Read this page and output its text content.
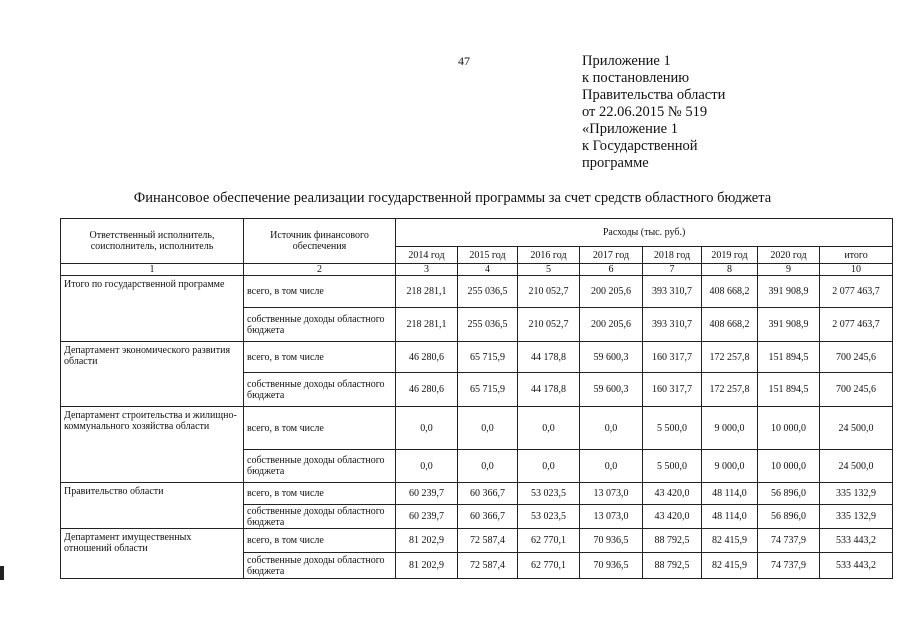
47	Приложение 1
к постановлению
Правительства области
от 22.06.2015 № 519
«Приложение 1
к Государственной
программе
Финансовое обеспечение реализации государственной программы за счет средств областного бюджета
Ответственный исполнитель, соисполнитель, исполнитель	Источник финансового обеспечения	Расходы (тыс. руб.)							
		2014 год	2015 год	2016 год	2017 год	2018 год	2019 год	2020 год	итого
1	2	3	4	5	6	7	8	9	10
Итого по государственной программе	всего, в том числе	218 281,1	255 036,5	210 052,7	200 205,6	393 310,7	408 668,2	391 908,9	2 077 463,7
	собственные доходы областного бюджета	218 281,1	255 036,5	210 052,7	200 205,6	393 310,7	408 668,2	391 908,9	2 077 463,7
Департамент экономического развития области	всего, в том числе	46 280,6	65 715,9	44 178,8	59 600,3	160 317,7	172 257,8	151 894,5	700 245,6
	собственные доходы областного бюджета	46 280,6	65 715,9	44 178,8	59 600,3	160 317,7	172 257,8	151 894,5	700 245,6
Департамент строительства и жилищно-коммунального хозяйства области	всего, в том числе	0,0	0,0	0,0	0,0	5 500,0	9 000,0	10 000,0	24 500,0
	собственные доходы областного бюджета	0,0	0,0	0,0	0,0	5 500,0	9 000,0	10 000,0	24 500,0
Правительство области	всего, в том числе	60 239,7	60 366,7	53 023,5	13 073,0	43 420,0	48 114,0	56 896,0	335 132,9
	собственные доходы областного бюджета	60 239,7	60 366,7	53 023,5	13 073,0	43 420,0	48 114,0	56 896,0	335 132,9
Департамент имущественных отношений области	всего, в том числе	81 202,9	72 587,4	62 770,1	70 936,5	88 792,5	82 415,9	74 737,9	533 443,2
	собственные доходы областного бюджета	81 202,9	72 587,4	62 770,1	70 936,5	88 792,5	82 415,9	74 737,9	533 443,2
